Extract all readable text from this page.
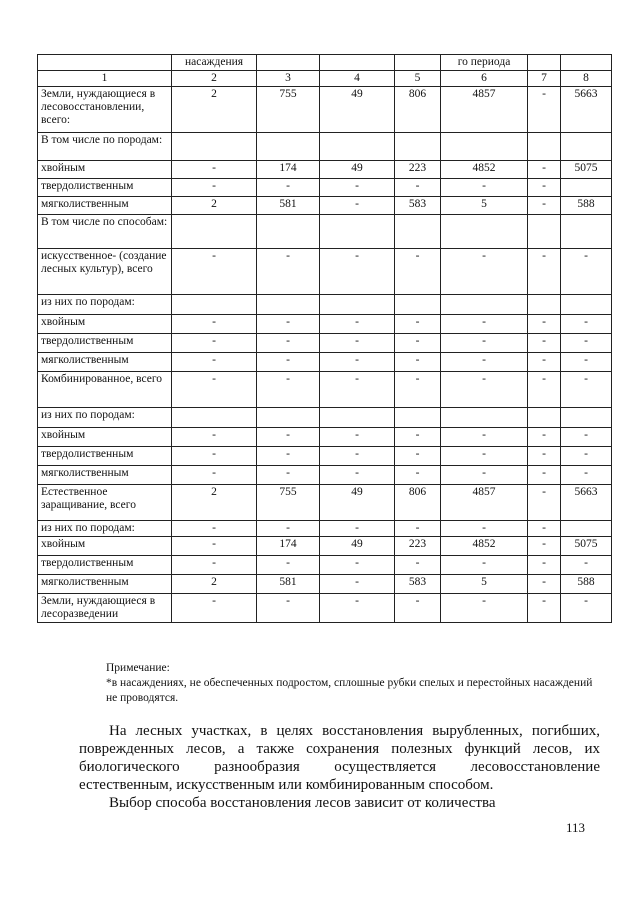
	насаждения				го периода		
1	2	3	4	5	6	7	8
Земли, нуждающиеся в лесовосстановлении, всего:	2	755	49	806	4857	-	5663
В том числе по породам:							
хвойным	-	174	49	223	4852	-	5075
твердолиственным	-	-	-	-	-	-	
мягколиственным	2	581	-	583	5	-	588
В том числе по способам:							
искусственное- (создание лесных культур), всего	-	-	-	-	-	-	-
из них по породам:							
хвойным	-	-	-	-	-	-	-
твердолиственным	-	-	-	-	-	-	-
мягколиственным	-	-	-	-	-	-	-
Комбинированное, всего	-	-	-	-	-	-	-
из них по породам:							
хвойным	-	-	-	-	-	-	-
твердолиственным	-	-	-	-	-	-	-
мягколиственным	-	-	-	-	-	-	-
Естественное заращивание, всего	2	755	49	806	4857	-	5663
из них по породам:	-	-	-	-	-	-	
хвойным	-	174	49	223	4852	-	5075
твердолиственным	-	-	-	-	-	-	-
мягколиственным	2	581	-	583	5	-	588
Земли, нуждающиеся в лесоразведении	-	-	-	-	-	-	-
Примечание:
*в насаждениях, не обеспеченных подростом, сплошные рубки спелых и перестойных насаждений не проводятся.
На лесных участках, в целях восстановления вырубленных, погибших, поврежденных лесов, а также сохранения полезных функций лесов, их биологического разнообразия осуществляется лесовосстановление естественным, искусственным или комбинированным способом.
Выбор способа восстановления лесов зависит от количества
113
